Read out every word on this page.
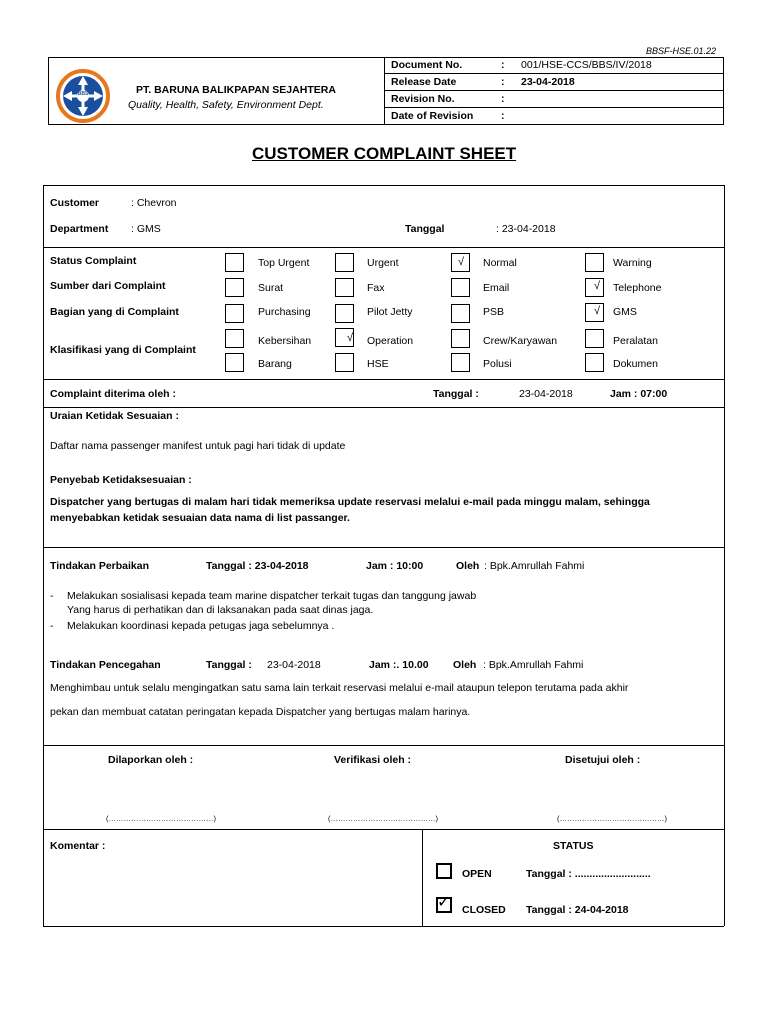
BBSF-HSE.01.22
BBS	PT. BARUNA BALIKPAPAN SEJAHTERA
Quality, Health, Safety, Environment Dept.
Document No.	: 001/HSE-CCS/BBS/IV/2018
Release Date	: 23-04-2018
Revision No.	:
Date of Revision	:
CUSTOMER COMPLAINT SHEET
Customer	: Chevron
Department : GMS	Tanggal	: 23-04-2018
Status Complaint	Top Urgent	Urgent	√ Normal	Warning
Sumber dari Complaint	Surat	Fax	Email	√ Telephone
Bagian yang di Complaint	Purchasing	Pilot Jetty	PSB	√ GMS
Klasifikasi yang di Complaint
Kebersihan	√ Operation	Crew/Karyawan	Peralatan
Barang	HSE	Polusi	Dokumen
Complaint diterima oleh :	Tanggal :	23-04-2018	Jam : 07:00
Uraian Ketidak Sesuaian :
Daftar nama passenger manifest untuk pagi hari tidak di update
Penyebab Ketidaksesuaian :
Dispatcher yang bertugas di malam hari tidak memeriksa update reservasi melalui e-mail pada minggu malam, sehingga
menyebabkan ketidak sesuaian data nama di list passanger.
Tindakan Perbaikan	Tanggal : 23-04-2018	Jam : 10:00	Oleh : Bpk.Amrullah Fahmi
- Melakukan sosialisasi kepada team marine dispatcher terkait tugas dan tanggung jawab
Yang harus di perhatikan dan di laksanakan pada saat dinas jaga.
- Melakukan koordinasi kepada petugas jaga sebelumnya .
Tindakan Pencegahan	Tanggal : 23-04-2018	Jam :. 10.00 Oleh : Bpk.Amrullah Fahmi
Menghimbau untuk selalu mengingatkan satu sama lain terkait reservasi melalui e-mail ataupun telepon terutama pada akhir
pekan dan membuat catatan peringatan kepada Dispatcher yang bertugas malam harinya.
Dilaporkan oleh :
(……………………………………)
Verifikasi oleh :
(……………………………………)
Disetujui oleh :
(……………………………………)
Komentar :	STATUS
OPEN	Tanggal : ..........................
✓ CLOSED Tanggal : 24-04-2018
